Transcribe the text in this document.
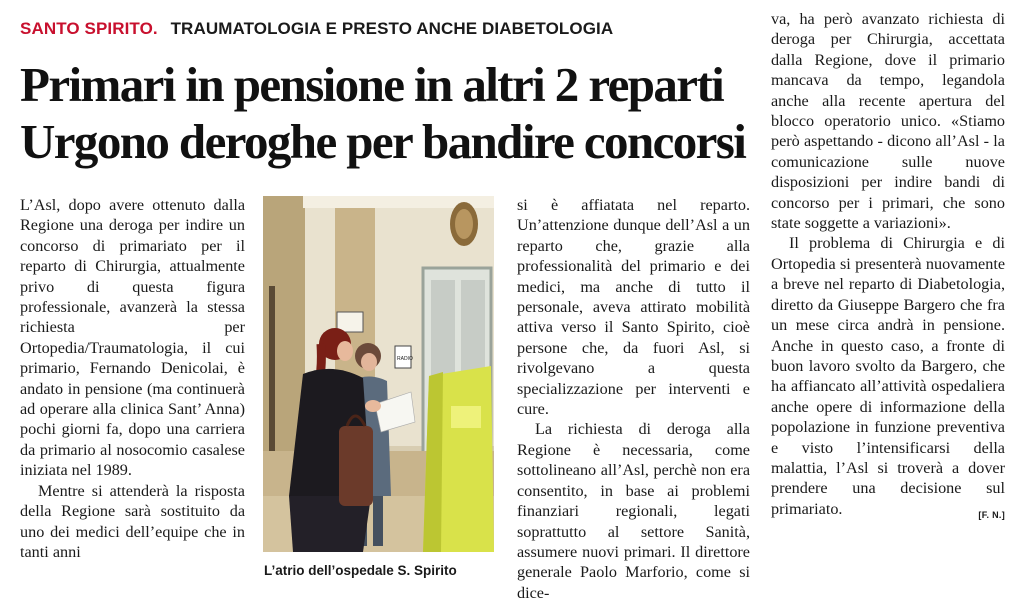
SANTO SPIRITO. TRAUMATOLOGIA E PRESTO ANCHE DIABETOLOGIA
Primari in pensione in altri 2 reparti
Urgono deroghe per bandire concorsi

L’Asl, dopo avere ottenuto dalla Regione una deroga per indire un concorso di primariato per il reparto di Chirurgia, attualmente privo di questa figura professionale, avanzerà la stessa richiesta per Ortopedia/Traumatologia, il cui primario, Fernando Denicolai, è andato in pensione (ma continuerà ad operare alla clinica Sant’ Anna) pochi giorni fa, dopo una carriera da primario al nosocomio casalese iniziata nel 1989.

Mentre si attenderà la risposta della Regione sarà sostituito da uno dei medici dell’equipe che in tanti anni

RADIO
L’atrio dell’ospedale S. Spirito

si è affiatata nel reparto. Un’attenzione dunque dell’Asl a un reparto che, grazie alla professionalità del primario e dei medici, ma anche di tutto il personale, aveva attirato mobilità attiva verso il Santo Spirito, cioè persone che, da fuori Asl, si rivolgevano a questa specializzazione per interventi e cure.

La richiesta di deroga alla Regione è necessaria, come sottolineano all’Asl, perchè non era consentito, in base ai problemi finanziari regionali, legati soprattutto al settore Sanità, assumere nuovi primari. Il direttore generale Paolo Marforio, come si dice-

va, ha però avanzato richiesta di deroga per Chirurgia, accettata dalla Regione, dove il primario mancava da tempo, legandola anche alla recente apertura del blocco operatorio unico. «Stiamo però aspettando - dicono all’Asl - la comunicazione sulle nuove disposizioni per indire bandi di concorso per i primari, che sono state soggette a variazioni».

Il problema di Chirurgia e di Ortopedia si presenterà nuovamente a breve nel reparto di Diabetologia, diretto da Giuseppe Bargero che fra un mese circa andrà in pensione. Anche in questo caso, a fronte di buon lavoro svolto da Bargero, che ha affiancato all’attività ospedaliera anche opere di informazione della popolazione in funzione preventiva e visto l’intensificarsi della malattia, l’Asl si troverà a dover prendere una decisione sul primariato.	[F. N.]
